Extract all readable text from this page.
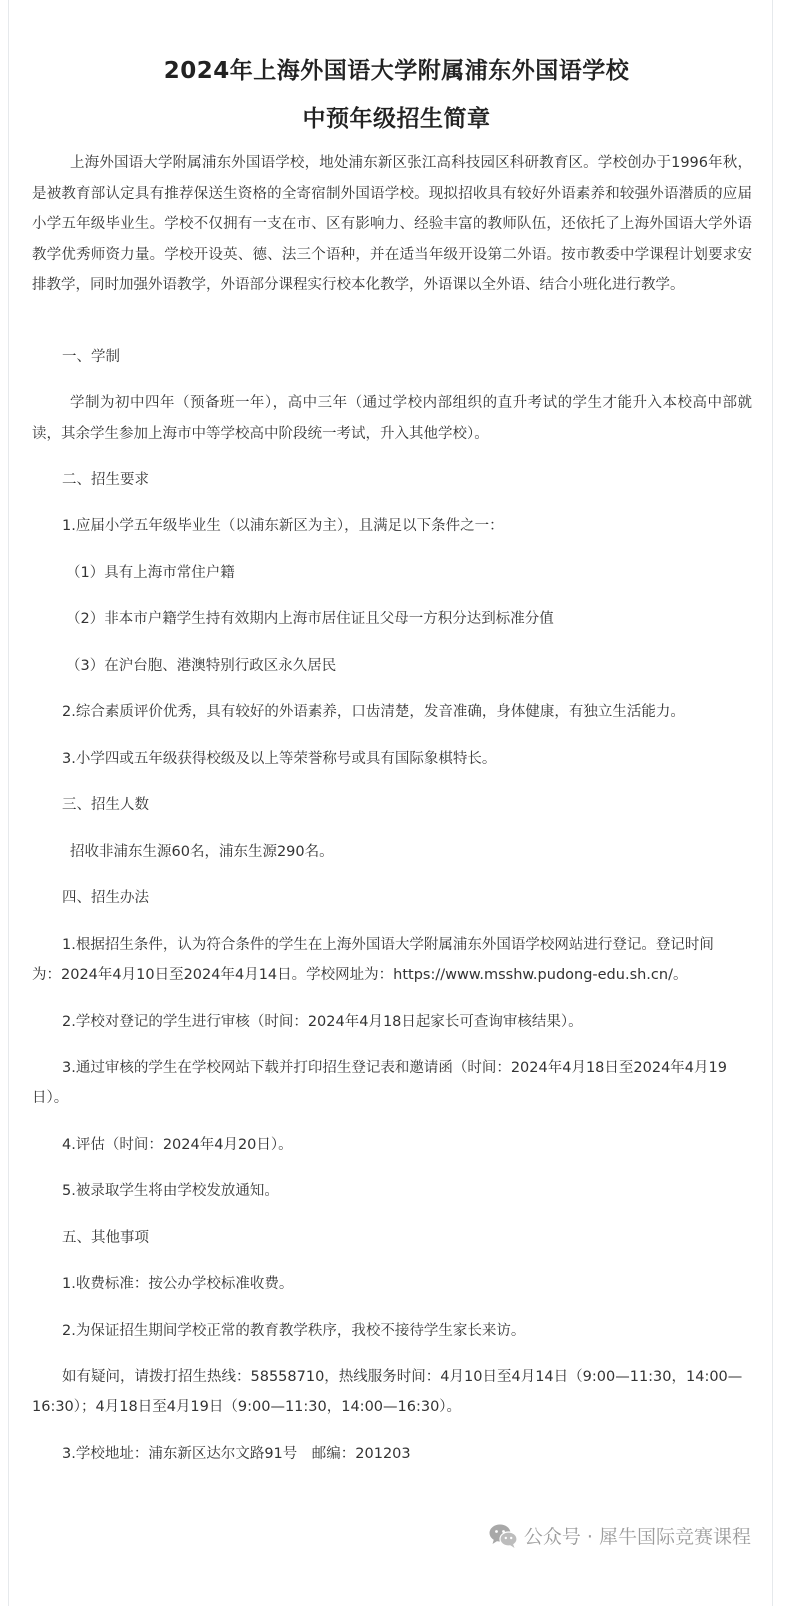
2024年上海外国语大学附属浦东外国语学校
中预年级招生简章

上海外国语大学附属浦东外国语学校，地处浦东新区张江高科技园区科研教育区。学校创办于1996年秋，是被教育部认定具有推荐保送生资格的全寄宿制外国语学校。现拟招收具有较好外语素养和较强外语潜质的应届小学五年级毕业生。学校不仅拥有一支在市、区有影响力、经验丰富的教师队伍，还依托了上海外国语大学外语教学优秀师资力量。学校开设英、德、法三个语种，并在适当年级开设第二外语。按市教委中学课程计划要求安排教学，同时加强外语教学，外语部分课程实行校本化教学，外语课以全外语、结合小班化进行教学。

一、学制

学制为初中四年（预备班一年），高中三年（通过学校内部组织的直升考试的学生才能升入本校高中部就读，其余学生参加上海市中等学校高中阶段统一考试，升入其他学校）。

二、招生要求
1.应届小学五年级毕业生（以浦东新区为主），且满足以下条件之一：
（1）具有上海市常住户籍
（2）非本市户籍学生持有效期内上海市居住证且父母一方积分达到标准分值
（3）在沪台胞、港澳特别行政区永久居民
2.综合素质评价优秀，具有较好的外语素养，口齿清楚，发音准确，身体健康，有独立生活能力。
3.小学四或五年级获得校级及以上等荣誉称号或具有国际象棋特长。
三、招生人数
招收非浦东生源60名，浦东生源290名。
四、招生办法
1.根据招生条件，认为符合条件的学生在上海外国语大学附属浦东外国语学校网站进行登记。登记时间
为：2024年4月10日至2024年4月14日。学校网址为：https://www.msshw.pudong-edu.sh.cn/。
2.学校对登记的学生进行审核（时间：2024年4月18日起家长可查询审核结果）。
3.通过审核的学生在学校网站下载并打印招生登记表和邀请函（时间：2024年4月18日至2024年4月19
日）。
4.评估（时间：2024年4月20日）。
5.被录取学生将由学校发放通知。
五、其他事项
1.收费标准：按公办学校标准收费。
2.为保证招生期间学校正常的教育教学秩序，我校不接待学生家长来访。
如有疑问，请拨打招生热线：58558710，热线服务时间：4月10日至4月14日（9:00—11:30，14:00—
16:30）；4月18日至4月19日（9:00—11:30，14:00—16:30）。
3.学校地址：浦东新区达尔文路91号　邮编：201203
公众号 · 犀牛国际竞赛课程
